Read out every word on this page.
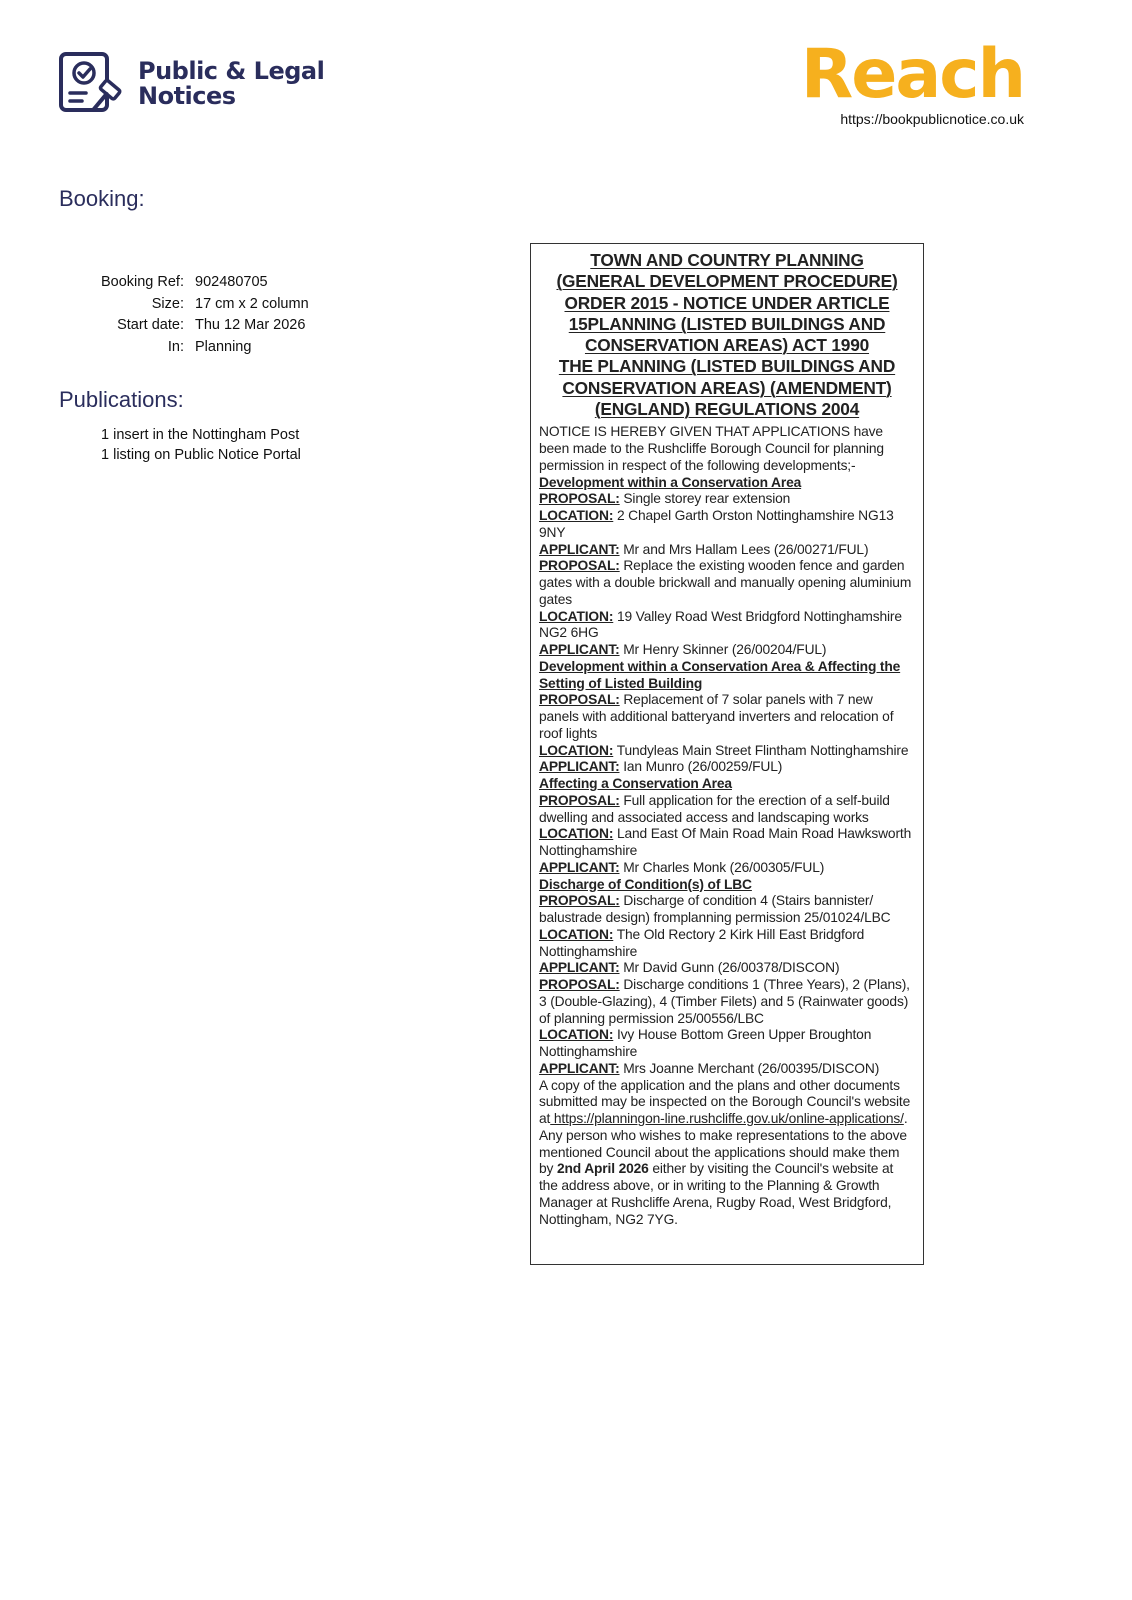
Public & Legal
Notices	Reach
https://bookpublicnotice.co.uk
Booking:
Booking Ref: 902480705
Size: 17 cm x 2 column
Start date: Thu 12 Mar 2026
In: Planning
Publications:
1 insert in the Nottingham Post
1 listing on Public Notice Portal
TOWN AND COUNTRY PLANNING
(GENERAL DEVELOPMENT PROCEDURE)
ORDER 2015 - NOTICE UNDER ARTICLE
15PLANNING (LISTED BUILDINGS AND
CONSERVATION AREAS) ACT 1990
THE PLANNING (LISTED BUILDINGS AND
CONSERVATION AREAS) (AMENDMENT)
(ENGLAND) REGULATIONS 2004

NOTICE IS HEREBY GIVEN THAT APPLICATIONS have been made to the Rushcliffe Borough Council for planning permission in respect of the following developments;-

Development within a Conservation Area

PROPOSAL: Single storey rear extension

LOCATION: 2 Chapel Garth Orston Nottinghamshire NG13 9NY

APPLICANT: Mr and Mrs Hallam Lees (26/00271/FUL)

PROPOSAL: Replace the existing wooden fence and garden gates with a double brickwall and manually opening aluminium gates

LOCATION: 19 Valley Road West Bridgford Nottinghamshire NG2 6HG

APPLICANT: Mr Henry Skinner (26/00204/FUL)

Development within a Conservation Area & Affecting the Setting of Listed Building

PROPOSAL: Replacement of 7 solar panels with 7 new panels with additional batteryand inverters and relocation of roof lights

LOCATION: Tundyleas Main Street Flintham Nottinghamshire

APPLICANT: Ian Munro (26/00259/FUL)

Affecting a Conservation Area

PROPOSAL: Full application for the erection of a self-build dwelling and associated access and landscaping works

LOCATION: Land East Of Main Road Main Road Hawksworth Nottinghamshire

APPLICANT: Mr Charles Monk (26/00305/FUL)

Discharge of Condition(s) of LBC

PROPOSAL: Discharge of condition 4 (Stairs bannister/ balustrade design) fromplanning permission 25/01024/LBC

LOCATION: The Old Rectory 2 Kirk Hill East Bridgford Nottinghamshire

APPLICANT: Mr David Gunn (26/00378/DISCON)

PROPOSAL: Discharge conditions 1 (Three Years), 2 (Plans), 3 (Double-Glazing), 4 (Timber Filets) and 5 (Rainwater goods) of planning permission 25/00556/LBC

LOCATION: Ivy House Bottom Green Upper Broughton Nottinghamshire

APPLICANT: Mrs Joanne Merchant (26/00395/DISCON)

A copy of the application and the plans and other documents submitted may be inspected on the Borough Council's website at https://planningon-line.rushcliffe.gov.uk/online-applications/.

Any person who wishes to make representations to the above mentioned Council about the applications should make them by 2nd April 2026 either by visiting the Council's website at the address above, or in writing to the Planning & Growth Manager at Rushcliffe Arena, Rugby Road, West Bridgford, Nottingham, NG2 7YG.
